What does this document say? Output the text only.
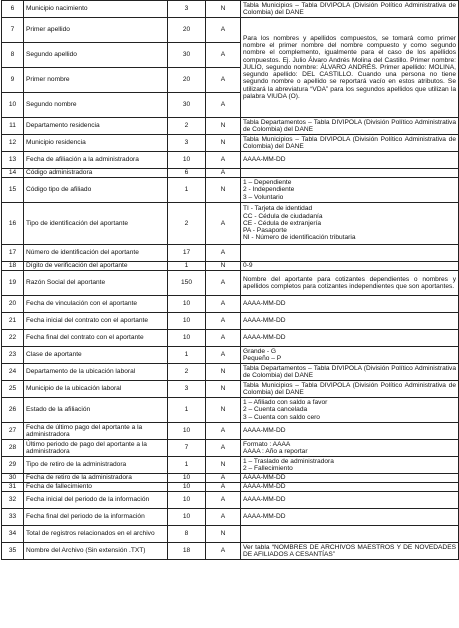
6	Municipio nacimiento	3	N	Tabla Municipios – Tabla DIVIPOLA (División Político Administrativa de Colombia) del DANE

7	Primer apellido	20	A	Para los nombres y apellidos compuestos, se tomará como primer nombre el primer nombre del nombre compuesto y como segundo nombre el complemento, igualmente para el caso de los apellidos compuestos. Ej. Julio Álvaro Andrés Molina del Castillo. Primer nombre: JULIO, segundo nombre: ÁLVARO ANDRÉS. Primer apellido: MOLINA, segundo apellido: DEL CASTILLO. Cuando una persona no tiene segundo nombre o apellido se reportará vacío en estos atributos. Se utilizará la abreviatura “VDA” para los segundos apellidos que utilizan la palabra VIUDA (O).

8	Segundo apellido	30	A	
9	Primer nombre	20	A	
10	Segundo nombre	30	A	
11	Departamento residencia	2	N	Tabla Departamentos – Tabla DIVIPOLA (División Político Administrativa de Colombia) del DANE

12	Municipio residencia	3	N	Tabla Municipios – Tabla DIVIPOLA (División Político Administrativa de Colombia) del DANE

13	Fecha de afiliación a la administradora	10	A	AAAA-MM-DD

14	Código administradora	6	A	

15	Código tipo de afiliado	1	N	1 – Dependiente
2 - Independiente
3 – Voluntario

16	Tipo de identificación del aportante	2	A	TI - Tarjeta de identidad
CC - Cédula de ciudadanía
CE - Cédula de extranjería
PA - Pasaporte
NI - Número de identificación tributaria

17	Número de identificación del aportante	17	A	

18	Dígito de verificación del aportante	1	N	0-9

19	Razón Social del aportante	150	A	Nombre del aportante para cotizantes dependientes o nombres y apellidos completos para cotizantes independientes que son aportantes.

20	Fecha de vinculación con el aportante	10	A	AAAA-MM-DD

21	Fecha inicial del contrato con el aportante	10	A	AAAA-MM-DD

22	Fecha final del contrato con el aportante	10	A	AAAA-MM-DD

23	Clase de aportante	1	A	Grande - G
Pequeño – P

24	Departamento de la ubicación laboral	2	N	Tabla Departamentos – Tabla DIVIPOLA (División Político Administrativa de Colombia) del DANE

25	Municipio de la ubicación laboral	3	N	Tabla Municipios – Tabla DIVIPOLA (División Político Administrativa de Colombia) del DANE

26	Estado de la afiliación	1	N	1 – Afiliado con saldo a favor
2 – Cuenta cancelada
3 – Cuenta con saldo cero

27	Fecha de último pago del aportante a la administradora	10	A	AAAA-MM-DD

28	Último periodo de pago del aportante a la administradora	7	A	Formato : AAAA
AAAA : Año a reportar

29	Tipo de retiro de la administradora	1	N	1 – Traslado de administradora
2 – Fallecimiento

30	Fecha de retiro de la administradora	10	A	AAAA-MM-DD

31	Fecha de fallecimiento	10	A	AAAA-MM-DD

32	Fecha inicial del periodo de la información	10	A	AAAA-MM-DD

33	Fecha final del periodo de la información	10	A	AAAA-MM-DD

34	Total de registros relacionados en el archivo	8	N	

35	Nombre del Archivo (Sin extensión .TXT)	18	A	Ver tabla “NOMBRES DE ARCHIVOS MAESTROS Y DE NOVEDADES DE AFILIADOS A CESANTÍAS”
